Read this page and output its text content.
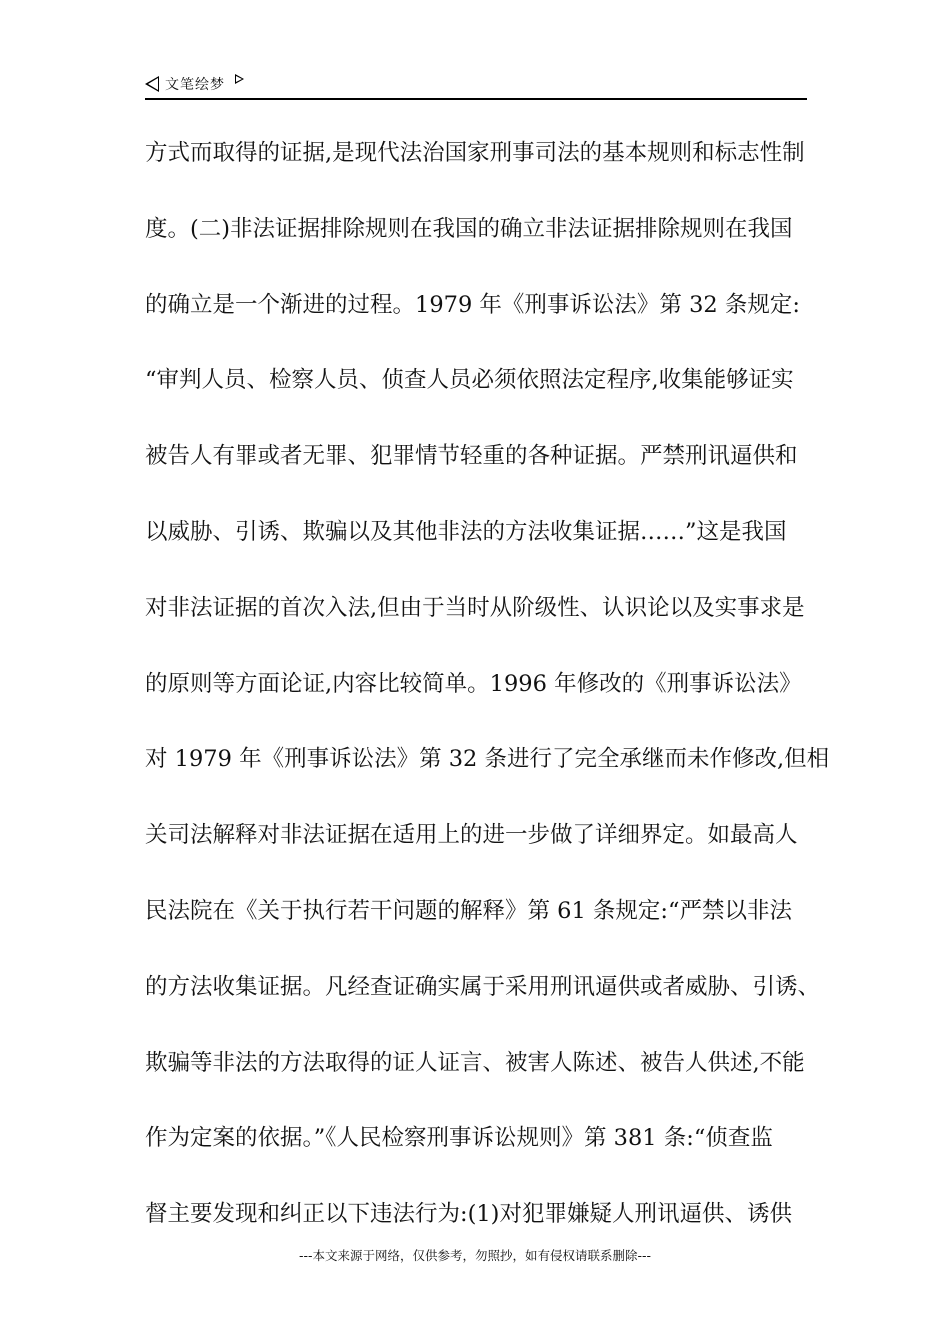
文笔绘梦
方式而取得的证据,是现代法治国家刑事司法的基本规则和标志性制
度。(二)非法证据排除规则在我国的确立非法证据排除规则在我国
的确立是一个渐进的过程。1979 年《刑事诉讼法》第 32 条规定:
“审判人员、检察人员、侦查人员必须依照法定程序,收集能够证实
被告人有罪或者无罪、犯罪情节轻重的各种证据。严禁刑讯逼供和
以威胁、引诱、欺骗以及其他非法的方法收集证据……”这是我国
对非法证据的首次入法,但由于当时从阶级性、认识论以及实事求是
的原则等方面论证,内容比较简单。1996 年修改的《刑事诉讼法》
对 1979 年《刑事诉讼法》第 32 条进行了完全承继而未作修改,但相
关司法解释对非法证据在适用上的进一步做了详细界定。如最高人
民法院在《关于执行若干问题的解释》第 61 条规定:“严禁以非法
的方法收集证据。凡经查证确实属于采用刑讯逼供或者威胁、引诱、
欺骗等非法的方法取得的证人证言、被害人陈述、被告人供述,不能
作为定案的依据。”《人民检察刑事诉讼规则》第 381 条:“侦查监
督主要发现和纠正以下违法行为:(1)对犯罪嫌疑人刑讯逼供、诱供
---本文来源于网络，仅供参考，勿照抄，如有侵权请联系删除---
